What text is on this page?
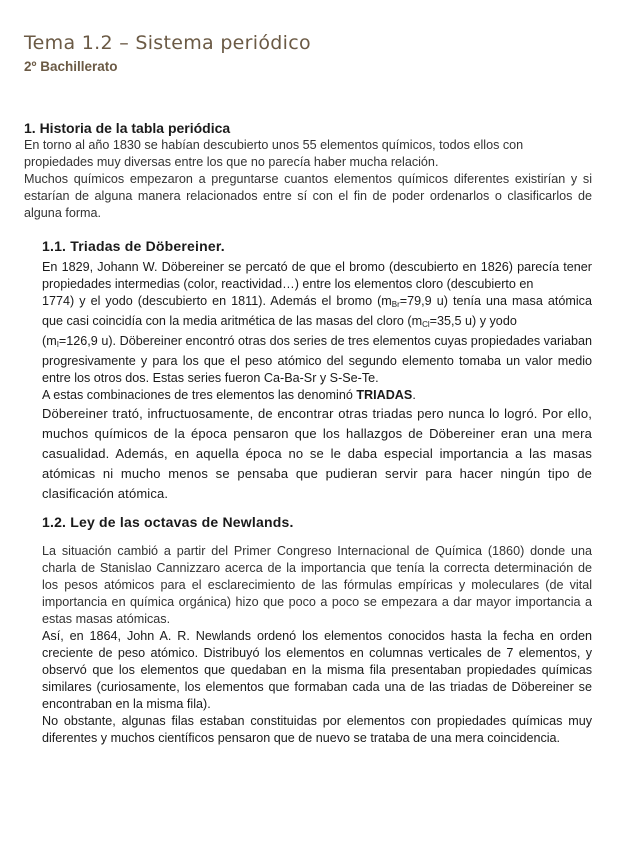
Tema 1.2 – Sistema periódico
2º Bachillerato
1. Historia de la tabla periódica

En torno al año 1830 se habían descubierto unos 55 elementos químicos, todos ellos con propiedades muy diversas entre los que no parecía haber mucha relación.

Muchos químicos empezaron a preguntarse cuantos elementos químicos diferentes existirían y si estarían de alguna manera relacionados entre sí con el fin de poder ordenarlos o clasificarlos de alguna forma.

1.1. Triadas de Döbereiner.

En 1829, Johann W. Döbereiner se percató de que el bromo (descubierto en 1826) parecía tener propiedades intermedias (color, reactividad…) entre los elementos cloro (descubierto en

1774) y el yodo (descubierto en 1811). Además el bromo (mBr=79,9 u) tenía una masa atómica que casi coincidía con la media aritmética de las masas del cloro (mCl=35,5 u) y yodo

(mI=126,9 u). Döbereiner encontró otras dos series de tres elementos cuyas propiedades variaban progresivamente y para los que el peso atómico del segundo elemento tomaba un valor medio entre los otros dos. Estas series fueron Ca-Ba-Sr y S-Se-Te.

A estas combinaciones de tres elementos las denominó TRIADAS.

Döbereiner trató, infructuosamente, de encontrar otras triadas pero nunca lo logró. Por ello, muchos químicos de la época pensaron que los hallazgos de Döbereiner eran una mera casualidad. Además, en aquella época no se le daba especial importancia a las masas atómicas ni mucho menos se pensaba que pudieran servir para hacer ningún tipo de clasificación atómica.

1.2. Ley de las octavas de Newlands.

La situación cambió a partir del Primer Congreso Internacional de Química (1860) donde una charla de Stanislao Cannizzaro acerca de la importancia que tenía la correcta determinación de los pesos atómicos para el esclarecimiento de las fórmulas empíricas y moleculares (de vital importancia en química orgánica) hizo que poco a poco se empezara a dar mayor importancia a estas masas atómicas.

Así, en 1864, John A. R. Newlands ordenó los elementos conocidos hasta la fecha en orden creciente de peso atómico. Distribuyó los elementos en columnas verticales de 7 elementos, y observó que los elementos que quedaban en la misma fila presentaban propiedades químicas similares (curiosamente, los elementos que formaban cada una de las triadas de Döbereiner se encontraban en la misma fila).

No obstante, algunas filas estaban constituidas por elementos con propiedades químicas muy diferentes y muchos científicos pensaron que de nuevo se trataba de una mera coincidencia.
